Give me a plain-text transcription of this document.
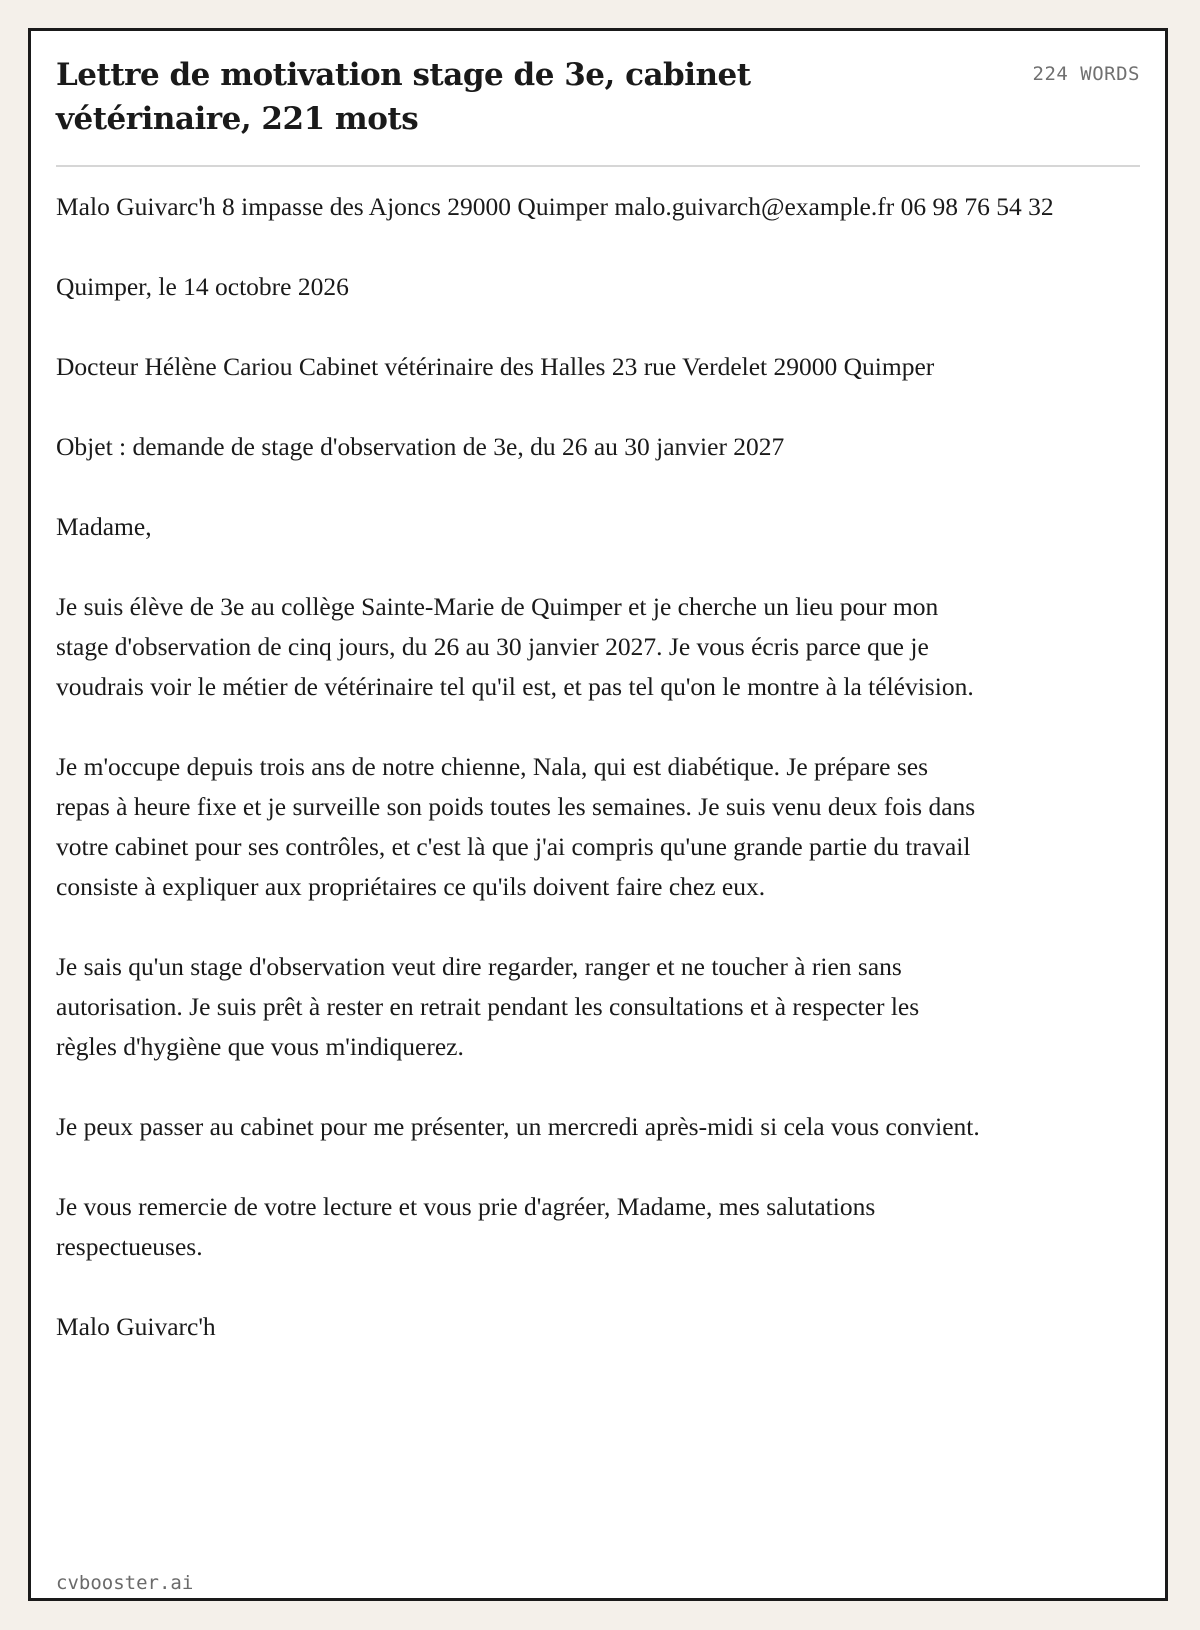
Lettre de motivation stage de 3e, cabinet vétérinaire, 221 mots
224 WORDS

Malo Guivarc'h 8 impasse des Ajoncs 29000 Quimper malo.guivarch@example.fr 06 98 76 54 32

Quimper, le 14 octobre 2026

Docteur Hélène Cariou Cabinet vétérinaire des Halles 23 rue Verdelet 29000 Quimper

Objet : demande de stage d'observation de 3e, du 26 au 30 janvier 2027

Madame,

Je suis élève de 3e au collège Sainte-Marie de Quimper et je cherche un lieu pour mon stage d'observation de cinq jours, du 26 au 30 janvier 2027. Je vous écris parce que je voudrais voir le métier de vétérinaire tel qu'il est, et pas tel qu'on le montre à la télévision.

Je m'occupe depuis trois ans de notre chienne, Nala, qui est diabétique. Je prépare ses repas à heure fixe et je surveille son poids toutes les semaines. Je suis venu deux fois dans votre cabinet pour ses contrôles, et c'est là que j'ai compris qu'une grande partie du travail consiste à expliquer aux propriétaires ce qu'ils doivent faire chez eux.

Je sais qu'un stage d'observation veut dire regarder, ranger et ne toucher à rien sans autorisation. Je suis prêt à rester en retrait pendant les consultations et à respecter les règles d'hygiène que vous m'indiquerez.

Je peux passer au cabinet pour me présenter, un mercredi après-midi si cela vous convient.

Je vous remercie de votre lecture et vous prie d'agréer, Madame, mes salutations respectueuses.

Malo Guivarc'h

cvbooster.ai
